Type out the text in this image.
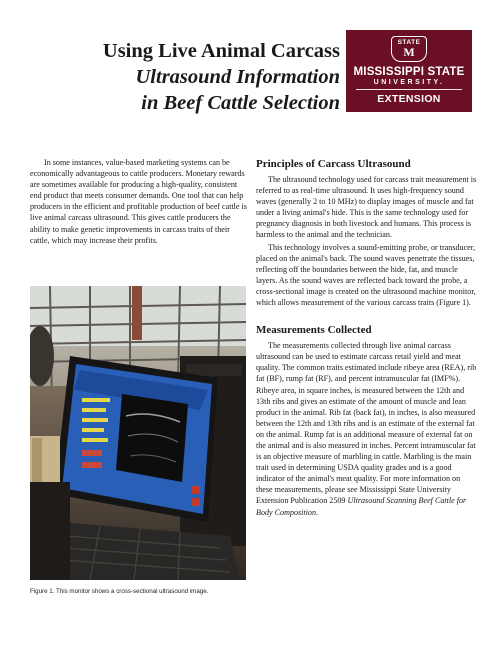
Using Live Animal Carcass
Ultrasound Information
in Beef Cattle Selection
STATE
M
MISSISSIPPI STATE
UNIVERSITY.
EXTENSION

In some instances, value-based marketing systems can be economically advantageous to cattle producers. Monetary rewards are sometimes available for producing a high-quality, consistent end product that meets consumer demands. One tool that can help producers in the efficient and profitable production of beef cattle is live animal carcass ultrasound. This gives cattle producers the ability to make genetic improvements in carcass traits of their cattle, which may increase their profits.

Figure 1. This monitor shows a cross-sectional ultrasound image.
Principles of Carcass Ultrasound

The ultrasound technology used for carcass trait measurement is referred to as real-time ultrasound. It uses high-frequency sound waves (generally 2 to 10 MHz) to display images of muscle and fat under a living animal's hide. This is the same technology used for pregnancy diagnosis in both livestock and humans. This process is harmless to the animal and the technician.

This technology involves a sound-emitting probe, or transducer, placed on the animal's back. The sound waves penetrate the tissues, reflecting off the boundaries between the hide, fat, and muscle layers. As the sound waves are reflected back toward the probe, a cross-sectional image is created on the ultrasound machine monitor, which allows measurement of the various carcass traits (Figure 1).

Measurements Collected

The measurements collected through live animal carcass ultrasound can be used to estimate carcass retail yield and meat quality. The common traits estimated include ribeye area (REA), rib fat (BF), rump fat (RF), and percent intramuscular fat (IMF%). Ribeye area, in square inches, is measured between the 12th and 13th ribs and gives an estimate of the amount of muscle and lean product in the animal. Rib fat (back fat), in inches, is also measured between the 12th and 13th ribs and is an estimate of the external fat on the animal. Rump fat is an additional measure of external fat on the animal and is also measured in inches. Percent intramuscular fat is an objective measure of marbling in cattle. Marbling is the main trait used in determining USDA quality grades and is a good indicator of the animal's meat quality. For more information on these measurements, please see Mississippi State University Extension Publication 2509 Ultrasound Scanning Beef Cattle for Body Composition.
